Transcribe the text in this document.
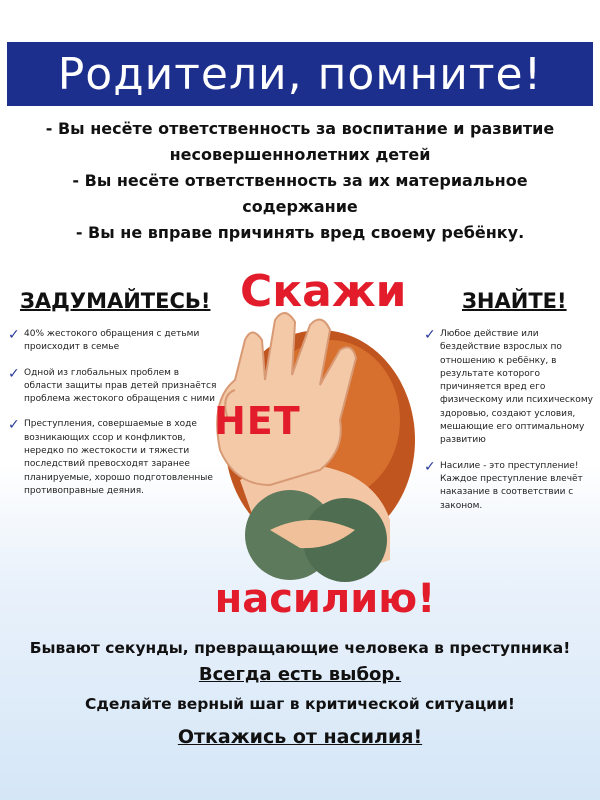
Родители, помните!
- Вы несёте ответственность за воспитание и развитие несовершеннолетних детей
- Вы несёте ответственность за их материальное содержание
- Вы не вправе причинять вред своему ребёнку.
ЗАДУМАЙТЕСЬ!	ЗНАЙТЕ!
Скажи
НЕТ
✓ 40% жестокого обращения с детьми происходит в семье
✓ Одной из глобальных проблем в области защиты прав детей признаётся проблема жестокого обращения с ними
✓ Преступления, совершаемые в ходе возникающих ссор и конфликтов, нередко по жестокости и тяжести последствий превосходят заранее планируемые, хорошо подготовленные противоправные деяния.
✓ Любое действие или бездействие взрослых по отношению к ребёнку, в результате которого причиняется вред его физическому или психическому здоровью, создают условия, мешающие его оптимальному развитию
✓ Насилие - это преступление! Каждое преступление влечёт наказание в соответствии с законом.
насилию!
Бывают секунды, превращающие человека в преступника!
Всегда есть выбор.
Сделайте верный шаг в критической ситуации!
Откажись от насилия!
